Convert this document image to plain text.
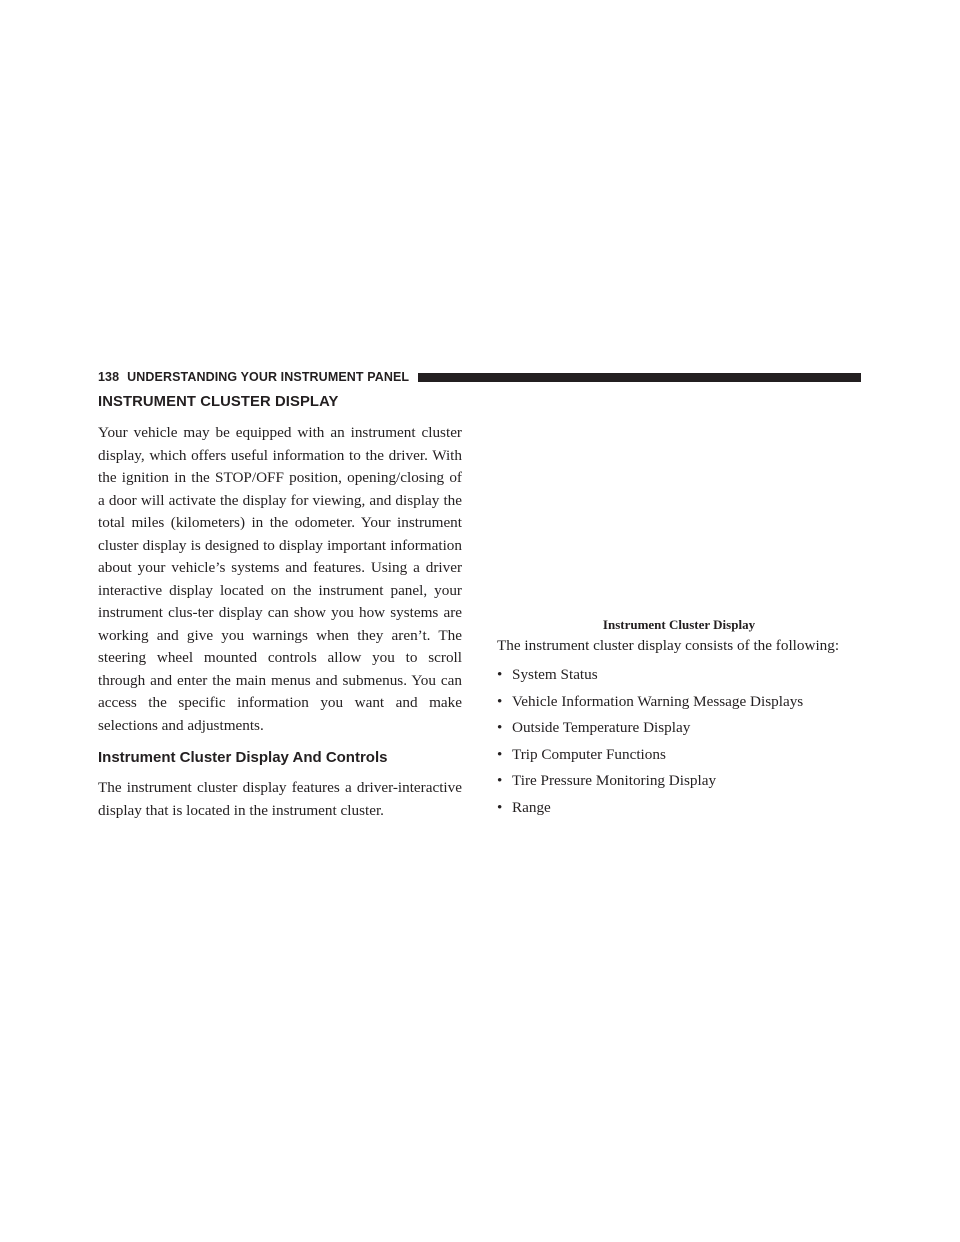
138 UNDERSTANDING YOUR INSTRUMENT PANEL
INSTRUMENT CLUSTER DISPLAY

Your vehicle may be equipped with an instrument cluster display, which offers useful information to the driver. With the ignition in the STOP/OFF position, opening/closing of a door will activate the display for viewing, and display the total miles (kilometers) in the odometer. Your instrument cluster display is designed to display important information about your vehicle’s systems and features. Using a driver interactive display located on the instrument panel, your instrument clus-ter display can show you how systems are working and give you warnings when they aren’t. The steering wheel mounted controls allow you to scroll through and enter the main menus and submenus. You can access the specific information you want and make selections and adjustments.

Instrument Cluster Display And Controls

The instrument cluster display features a driver-interactive display that is located in the instrument cluster.

Instrument Cluster Display

The instrument cluster display consists of the following:

• System Status
• Vehicle Information Warning Message Displays
• Outside Temperature Display
• Trip Computer Functions
• Tire Pressure Monitoring Display
• Range
